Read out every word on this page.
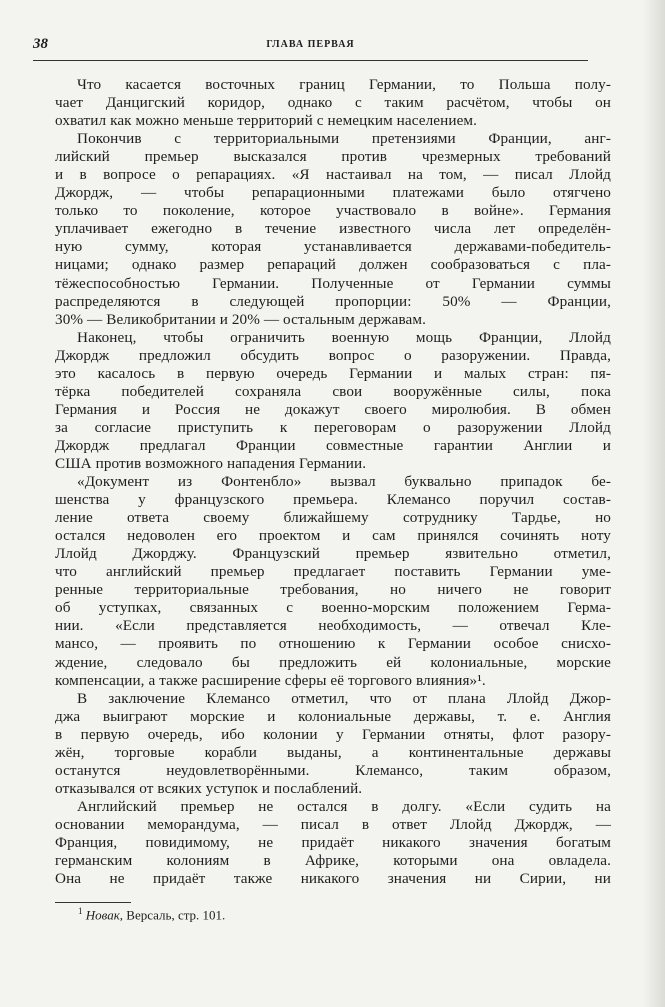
38	ГЛАВА ПЕРВАЯ
Что касается восточных границ Германии, то Польша полу-
чает Данцигский коридор, однако с таким расчётом, чтобы он
охватил как можно меньше территорий с немецким населением.
Покончив с территориальными претензиями Франции, анг-
лийский премьер высказался против чрезмерных требований
и в вопросе о репарациях. «Я настаивал на том, — писал Ллойд
Джордж, — чтобы репарационными платежами было отягчено
только то поколение, которое участвовало в войне». Германия
уплачивает ежегодно в течение известного числа лет определён-
ную сумму, которая устанавливается державами-победитель-
ницами; однако размер репараций должен сообразоваться с пла-
тёжеспособностью Германии. Полученные от Германии суммы
распределяются в следующей пропорции: 50% — Франции,
30% — Великобритании и 20% — остальным державам.
Наконец, чтобы ограничить военную мощь Франции, Ллойд
Джордж предложил обсудить вопрос о разоружении. Правда,
это касалось в первую очередь Германии и малых стран: пя-
тёрка победителей сохраняла свои вооружённые силы, пока
Германия и Россия не докажут своего миролюбия. В обмен
за согласие приступить к переговорам о разоружении Ллойд
Джордж предлагал Франции совместные гарантии Англии и
США против возможного нападения Германии.
«Документ из Фонтенбло» вызвал буквально припадок бе-
шенства у французского премьера. Клемансо поручил состав-
ление ответа своему ближайшему сотруднику Тардье, но
остался недоволен его проектом и сам принялся сочинять ноту
Ллойд Джорджу. Французский премьер язвительно отметил,
что английский премьер предлагает поставить Германии уме-
ренные территориальные требования, но ничего не говорит
об уступках, связанных с военно-морским положением Герма-
нии. «Если представляется необходимость, — отвечал Кле-
мансо, — проявить по отношению к Германии особое снисхо-
ждение, следовало бы предложить ей колониальные, морские
компенсации, а также расширение сферы её торгового влияния»¹.
В заключение Клемансо отметил, что от плана Ллойд Джор-
джа выиграют морские и колониальные державы, т. е. Англия
в первую очередь, ибо колонии у Германии отняты, флот разору-
жён, торговые корабли выданы, а континентальные державы
останутся неудовлетворёнными. Клемансо, таким образом,
отказывался от всяких уступок и послаблений.
Английский премьер не остался в долгу. «Если судить на
основании меморандума, — писал в ответ Ллойд Джордж, —
Франция, повидимому, не придаёт никакого значения богатым
германским колониям в Африке, которыми она овладела.
Она не придаёт также никакого значения ни Сирии, ни
$^1$ Новак, Версаль, стр. 101.
